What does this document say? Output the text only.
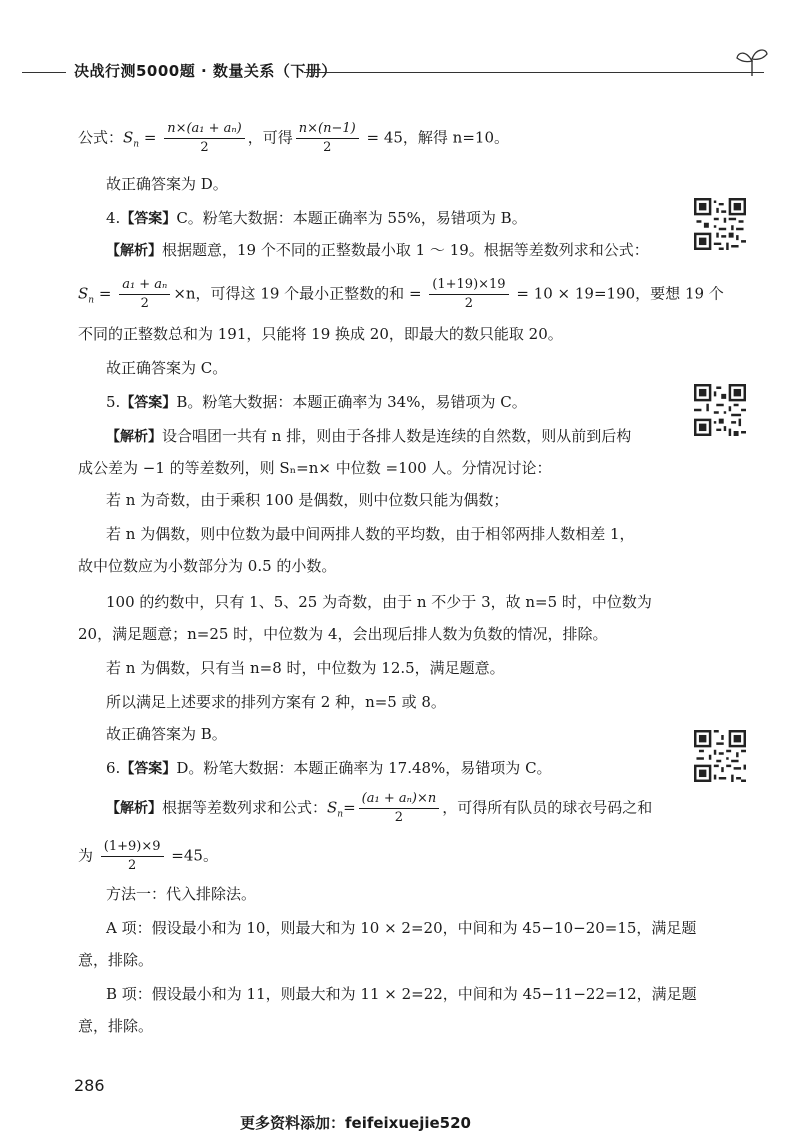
决战行测5000题 · 数量关系（下册）
公式：$S_n = \frac{\text{n×(a₁ + aₙ)}}{2}$ ，可得 $\frac{n\times(n-1)}{2} = 45$，解得 n=10。
故正确答案为 D。
4.【答案】C。粉笔大数据：本题正确率为 55%，易错项为 B。
【解析】根据题意，19 个不同的正整数最小取 1 ～ 19。根据等差数列求和公式：
$S_n = \frac{\text{a₁ + aₙ}}{2} \times n$，可得这 19 个最小正整数的和 = $\frac{(1+19)\times 19}{2} = 10 \times 19=190$，要想 19 个
不同的正整数总和为 191，只能将 19 换成 20，即最大的数只能取 20。
故正确答案为 C。
5.【答案】B。粉笔大数据：本题正确率为 34%，易错项为 C。
【解析】设合唱团一共有 n 排，则由于各排人数是连续的自然数，则从前到后构
成公差为 −1 的等差数列，则 Sₙ=n× 中位数 =100 人。分情况讨论：
若 n 为奇数，由于乘积 100 是偶数，则中位数只能为偶数；
若 n 为偶数，则中位数为最中间两排人数的平均数，由于相邻两排人数相差 1，
故中位数应为小数部分为 0.5 的小数。
100 的约数中，只有 1、5、25 为奇数，由于 n 不少于 3，故 n=5 时，中位数为
20，满足题意；n=25 时，中位数为 4，会出现后排人数为负数的情况，排除。
若 n 为偶数，只有当 n=8 时，中位数为 12.5，满足题意。
所以满足上述要求的排列方案有 2 种，n=5 或 8。
故正确答案为 B。
6.【答案】D。粉笔大数据：本题正确率为 17.48%，易错项为 C。
【解析】根据等差数列求和公式：$S_n= \frac{\text{(a₁ + aₙ)×n}}{2}$ ，可得所有队员的球衣号码之和
为 $\frac{(1+9)\times 9}{2} =45$。
方法一：代入排除法。
A 项：假设最小和为 10，则最大和为 10 × 2=20，中间和为 45−10−20=15，满足题
意，排除。
B 项：假设最小和为 11，则最大和为 11 × 2=22，中间和为 45−11−22=12，满足题
意，排除。
286
更多资料添加：feifeixuejie520
